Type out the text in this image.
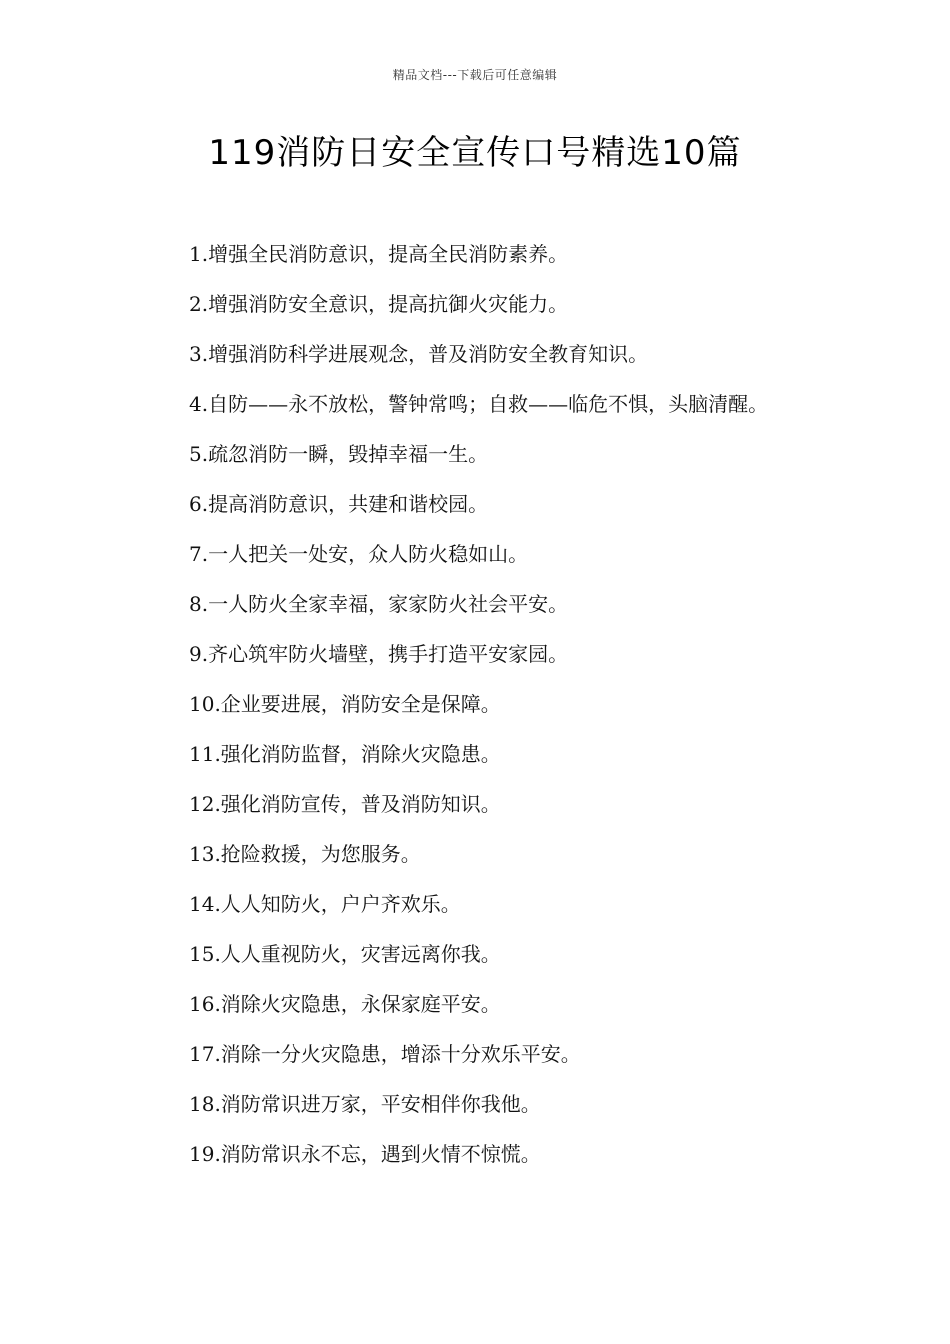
精品文档---下载后可任意编辑
119消防日安全宣传口号精选10篇

1.增强全民消防意识，提高全民消防素养。

2.增强消防安全意识，提高抗御火灾能力。

3.增强消防科学进展观念，普及消防安全教育知识。

4.自防——永不放松，警钟常鸣；自救——临危不惧，头脑清醒。

5.疏忽消防一瞬，毁掉幸福一生。

6.提高消防意识，共建和谐校园。

7.一人把关一处安，众人防火稳如山。

8.一人防火全家幸福，家家防火社会平安。

9.齐心筑牢防火墙壁，携手打造平安家园。

10.企业要进展，消防安全是保障。

11.强化消防监督，消除火灾隐患。

12.强化消防宣传，普及消防知识。

13.抢险救援，为您服务。

14.人人知防火，户户齐欢乐。

15.人人重视防火，灾害远离你我。

16.消除火灾隐患，永保家庭平安。

17.消除一分火灾隐患，增添十分欢乐平安。

18.消防常识进万家，平安相伴你我他。

19.消防常识永不忘，遇到火情不惊慌。
